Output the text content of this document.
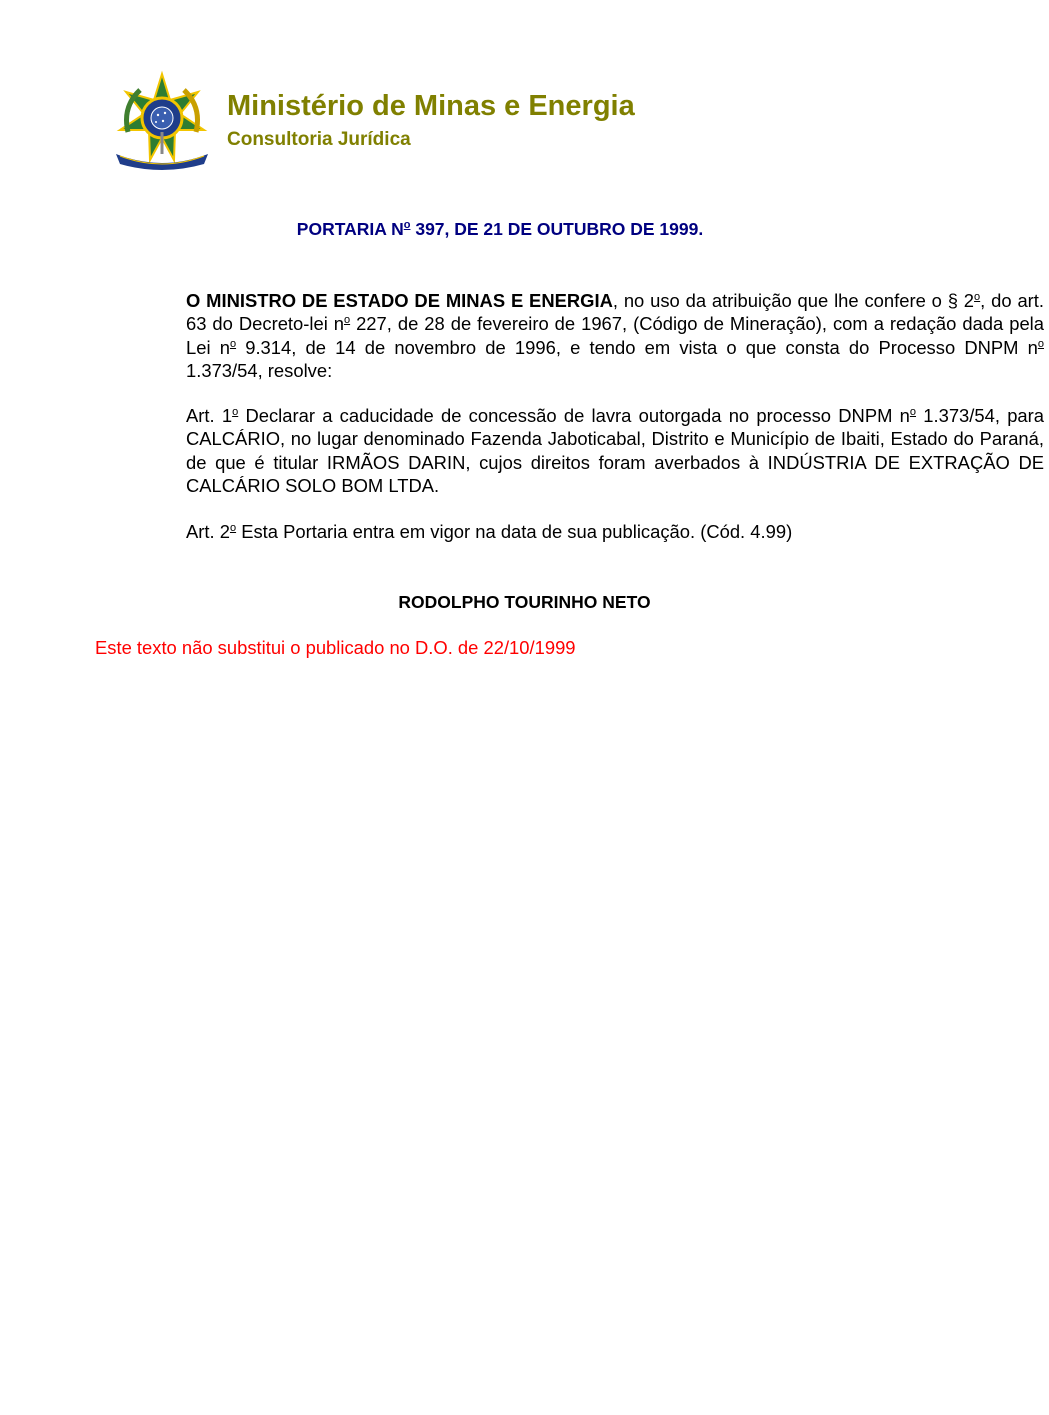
Ministério de Minas e Energia
Consultoria Jurídica
PORTARIA $N^o$ 397, DE 21 DE OUTUBRO DE 1999.

O MINISTRO DE ESTADO DE MINAS E ENERGIA, no uso da atribuição que lhe confere o § 2$^o$, do art. 63 do Decreto-lei $n^o$ 227, de 28 de fevereiro de 1967, (Código de Mineração), com a redação dada pela Lei $n^o$ 9.314, de 14 de novembro de 1996, e tendo em vista o que consta do Processo DNPM $n^o$ 1.373/54, resolve:

Art. 1$^o$ Declarar a caducidade de concessão de lavra outorgada no processo DNPM $n^o$ 1.373/54, para CALCÁRIO, no lugar denominado Fazenda Jaboticabal, Distrito e Município de Ibaiti, Estado do Paraná, de que é titular IRMÃOS DARIN, cujos direitos foram averbados à INDÚSTRIA DE EXTRAÇÃO DE CALCÁRIO SOLO BOM LTDA.

Art. 2$^o$ Esta Portaria entra em vigor na data de sua publicação. (Cód. 4.99)

RODOLPHO TOURINHO NETO
Este texto não substitui o publicado no D.O. de 22/10/1999
